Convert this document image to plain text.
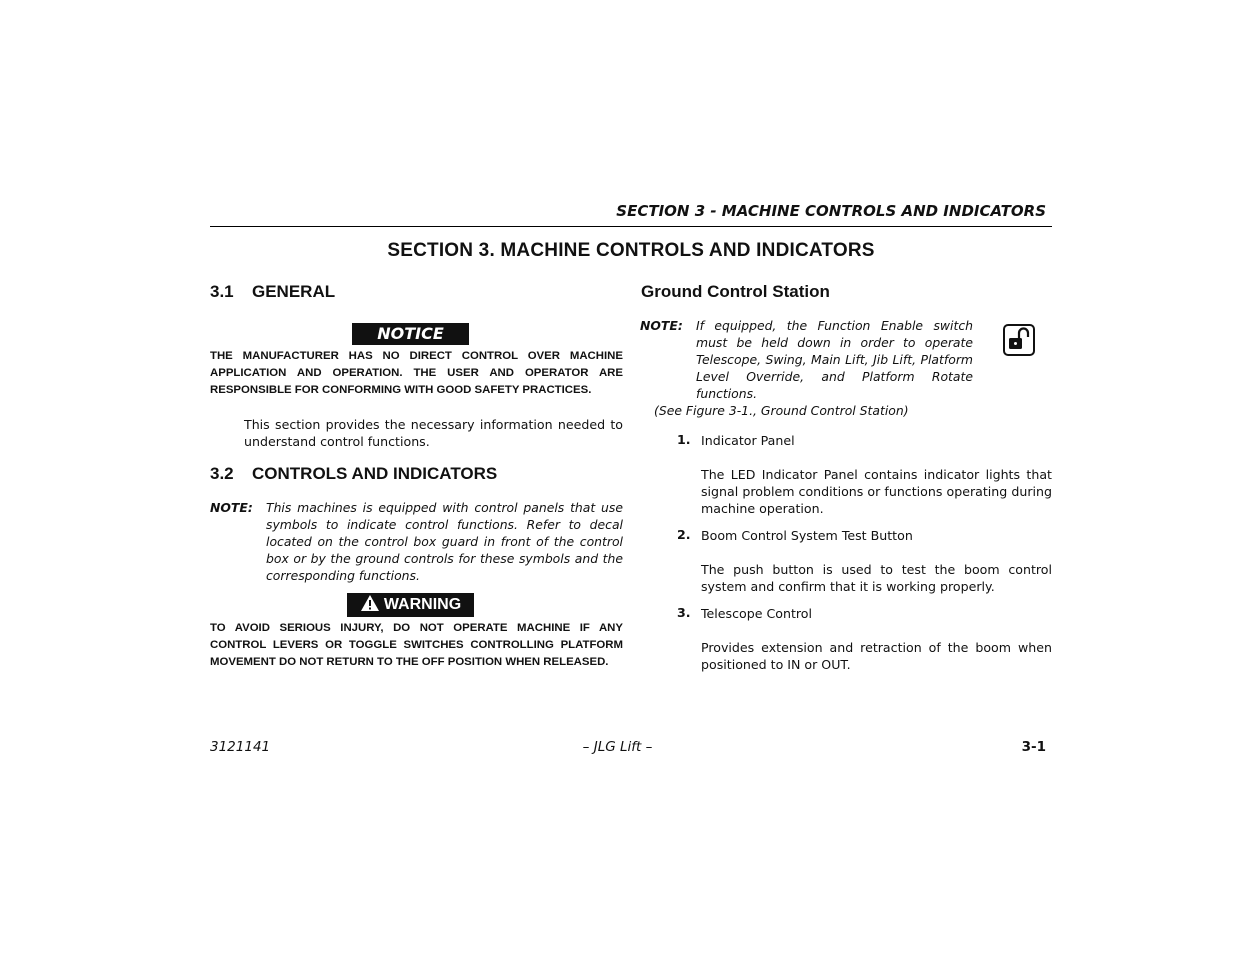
SECTION 3 - MACHINE CONTROLS AND INDICATORS
SECTION 3. MACHINE CONTROLS AND INDICATORS
3.1 GENERAL
NOTICE
THE MANUFACTURER HAS NO DIRECT CONTROL OVER MACHINE APPLICATION AND OPERATION. THE USER AND OPERATOR ARE RESPONSIBLE FOR CONFORMING WITH GOOD SAFETY PRACTICES.
This section provides the necessary information needed to understand control functions.
3.2 CONTROLS AND INDICATORS
NOTE: This machines is equipped with control panels that use symbols to indicate control functions. Refer to decal located on the control box guard in front of the control box or by the ground controls for these symbols and the corresponding functions.
WARNING
TO AVOID SERIOUS INJURY, DO NOT OPERATE MACHINE IF ANY CONTROL LEVERS OR TOGGLE SWITCHES CONTROLLING PLATFORM MOVEMENT DO NOT RETURN TO THE OFF POSITION WHEN RELEASED.
Ground Control Station
NOTE: If equipped, the Function Enable switch must be held down in order to operate Telescope, Swing, Main Lift, Jib Lift, Platform Level Override, and Platform Rotate functions.
(See Figure 3-1., Ground Control Station)
1. Indicator Panel
The LED Indicator Panel contains indicator lights that signal problem conditions or functions operating during machine operation.
2. Boom Control System Test Button
The push button is used to test the boom control system and confirm that it is working properly.
3. Telescope Control
Provides extension and retraction of the boom when positioned to IN or OUT.
3121141	– JLG Lift –	3-1
